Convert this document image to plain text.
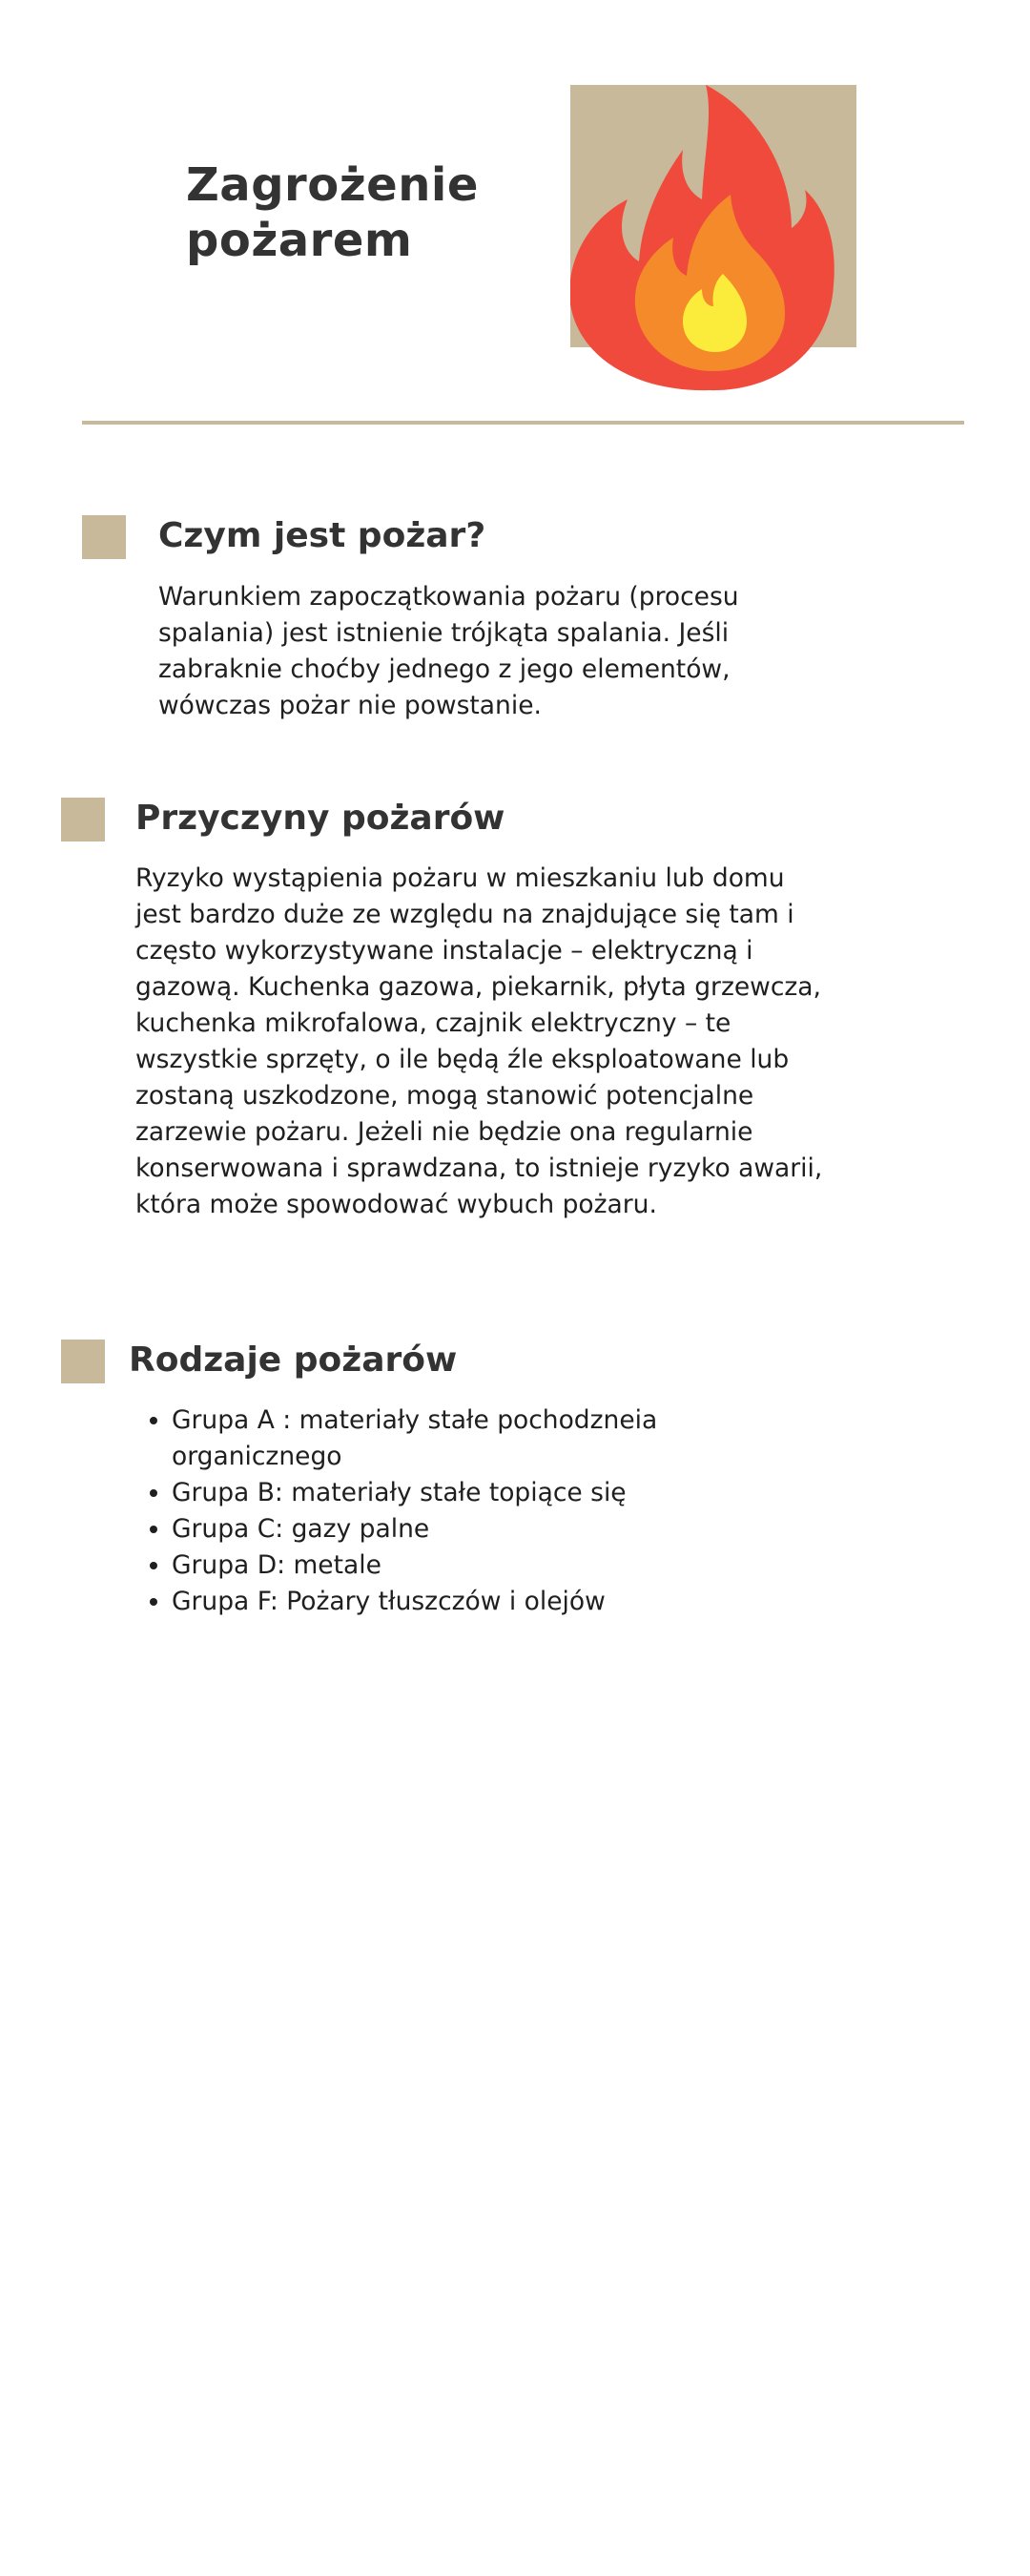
Zagrożenie
pożarem
Czym jest pożar?

Warunkiem zapoczątkowania pożaru (procesu
spalania) jest istnienie trójkąta spalania. Jeśli
zabraknie choćby jednego z jego elementów,
wówczas pożar nie powstanie.

Przyczyny pożarów

Ryzyko wystąpienia pożaru w mieszkaniu lub domu
jest bardzo duże ze względu na znajdujące się tam i
często wykorzystywane instalacje – elektryczną i
gazową. Kuchenka gazowa, piekarnik, płyta grzewcza,
kuchenka mikrofalowa, czajnik elektryczny – te
wszystkie sprzęty, o ile będą źle eksploatowane lub
zostaną uszkodzone, mogą stanowić potencjalne
zarzewie pożaru. Jeżeli nie będzie ona regularnie
konserwowana i sprawdzana, to istnieje ryzyko awarii,
która może spowodować wybuch pożaru.

Rodzaje pożarów
• Grupa A : materiały stałe pochodzneia organicznego
• Grupa B: materiały stałe topiące się
• Grupa C: gazy palne
• Grupa D: metale
• Grupa F: Pożary tłuszczów i olejów
